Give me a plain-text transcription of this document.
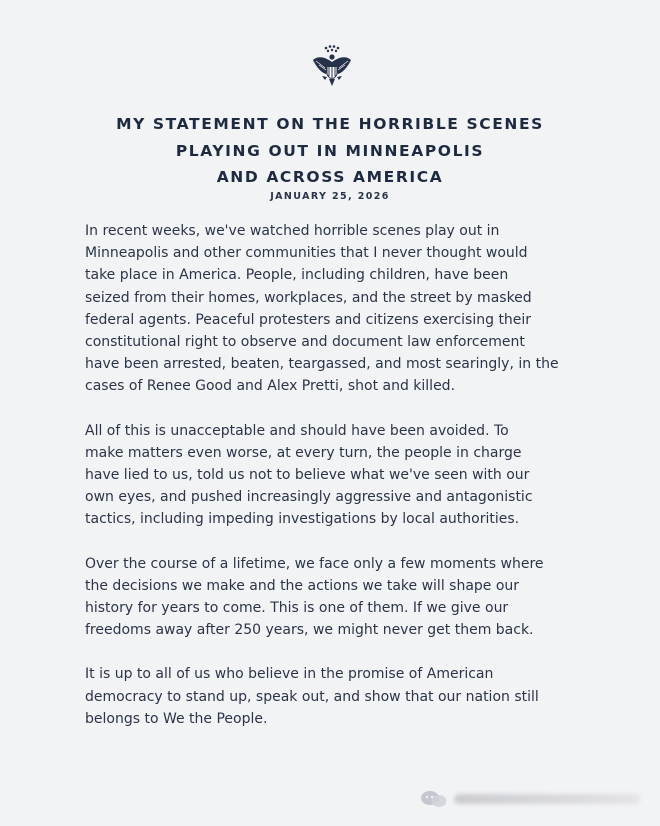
MY STATEMENT ON THE HORRIBLE SCENES
PLAYING OUT IN MINNEAPOLIS
AND ACROSS AMERICA
JANUARY 25, 2026
In recent weeks, we've watched horrible scenes play out in
Minneapolis and other communities that I never thought would
take place in America. People, including children, have been
seized from their homes, workplaces, and the street by masked
federal agents. Peaceful protesters and citizens exercising their
constitutional right to observe and document law enforcement
have been arrested, beaten, teargassed, and most searingly, in the
cases of Renee Good and Alex Pretti, shot and killed.
All of this is unacceptable and should have been avoided. To
make matters even worse, at every turn, the people in charge
have lied to us, told us not to believe what we've seen with our
own eyes, and pushed increasingly aggressive and antagonistic
tactics, including impeding investigations by local authorities.
Over the course of a lifetime, we face only a few moments where
the decisions we make and the actions we take will shape our
history for years to come. This is one of them. If we give our
freedoms away after 250 years, we might never get them back.
It is up to all of us who believe in the promise of American
democracy to stand up, speak out, and show that our nation still
belongs to We the People.
